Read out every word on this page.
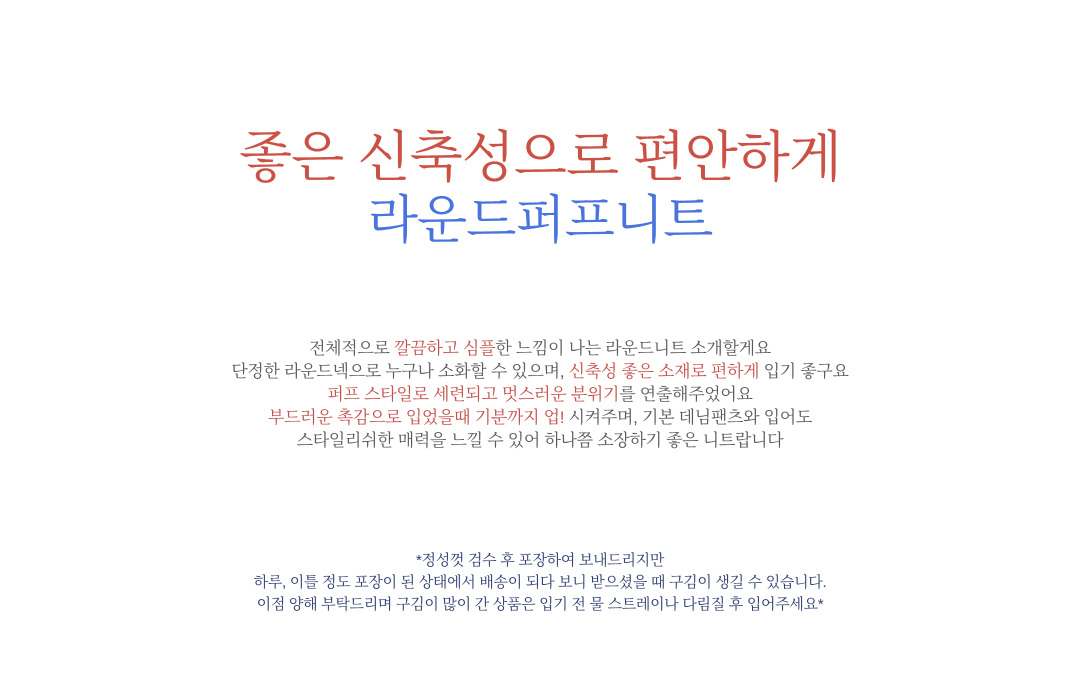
좋은 신축성으로 편안하게
라운드퍼프니트

전체적으로 깔끔하고 심플한 느낌이 나는 라운드니트 소개할게요

단정한 라운드넥으로 누구나 소화할 수 있으며, 신축성 좋은 소재로 편하게 입기 좋구요

퍼프 스타일로 세련되고 멋스러운 분위기를 연출해주었어요

부드러운 촉감으로 입었을때 기분까지 업! 시켜주며, 기본 데님팬츠와 입어도

스타일리쉬한 매력을 느낄 수 있어 하나쯤 소장하기 좋은 니트랍니다

*정성껏 검수 후 포장하여 보내드리지만

하루, 이틀 정도 포장이 된 상태에서 배송이 되다 보니 받으셨을 때 구김이 생길 수 있습니다.

이점 양해 부탁드리며 구김이 많이 간 상품은 입기 전 물 스트레이나 다림질 후 입어주세요*
